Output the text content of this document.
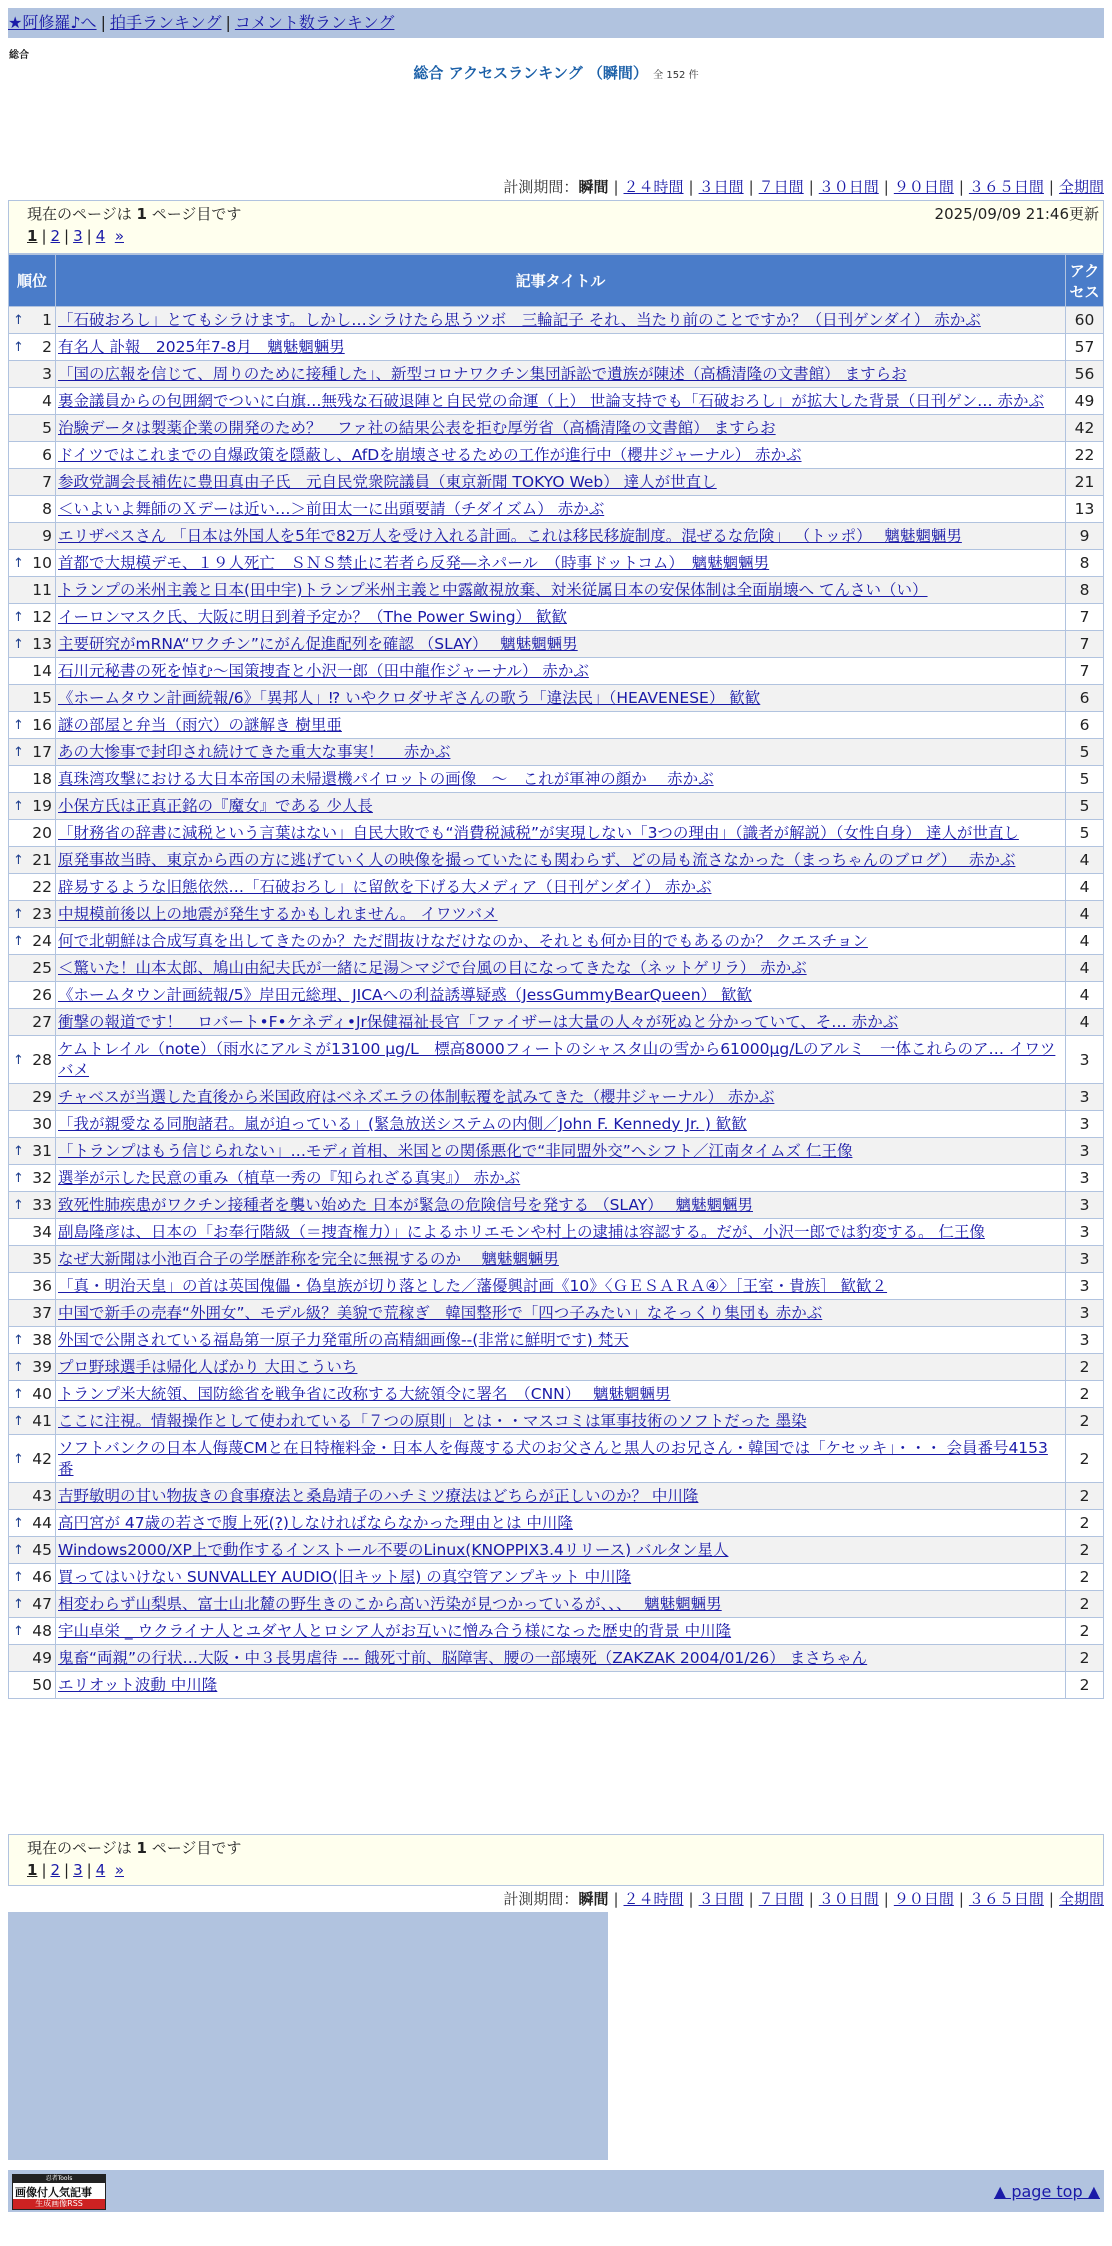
★阿修羅♪へ | 拍手ランキング | コメント数ランキング
総合
総合 アクセスランキング （瞬間） 全 152 件
計測期間：瞬間 | ２４時間 | ３日間 | ７日間 | ３０日間 | ９０日間 | ３６５日間 | 全期間
現在のページは 1 ページ目です	2025/09/09 21:46更新
1 | 2 | 3 | 4 »
順位	記事タイトル	アクセス

↑ 1	「石破おろし」とてもシラけます。しかし…シラけたら思うツボ　三輪記子 それ、当たり前のことですか？（日刊ゲンダイ） 赤かぶ	60

↑ 2	有名人 訃報　2025年7-8月　魑魅魍魎男	57
3	「国の広報を信じて、周りのために接種した」、新型コロナワクチン集団訴訟で遺族が陳述（高橋清隆の文書館） ますらお	56
4	裏金議員からの包囲網でついに白旗…無残な石破退陣と自民党の命運（上） 世論支持でも「石破おろし」が拡大した背景（日刊ゲン… 赤かぶ	49
5	治験データは製薬企業の開発のため？　ファ社の結果公表を拒む厚労省（高橋清隆の文書館） ますらお	42
6	ドイツではこれまでの自爆政策を隠蔽し、AfDを崩壊させるための工作が進行中（櫻井ジャーナル） 赤かぶ	22
7	参政党調会長補佐に豊田真由子氏　元自民党衆院議員（東京新聞 TOKYO Web） 達人が世直し	21
8	＜いよいよ舞師のＸデーは近い…＞前田太一に出頭要請（チダイズム） 赤かぶ	13
9	エリザベスさん 「日本は外国人を5年で82万人を受け入れる計画。これは移民移旋制度。混ぜるな危険」 （トッポ）　 魑魅魍魎男	9

↑ 10	首都で大規模デモ、１９人死亡　ＳＮＳ禁止に若者ら反発―ネパール　（時事ドットコム）　魑魅魍魎男	8
11	トランプの米州主義と日本(田中宇)トランプ米州主義と中露敵視放棄、対米従属日本の安保体制は全面崩壊へ てんさい（い）	8

↑ 12	イーロンマスク氏、大阪に明日到着予定か？（The Power Swing） 歓歓	7

↑ 13	主要研究がmRNA“ワクチン”にがん促進配列を確認 （SLAY）　 魑魅魍魎男	7
14	石川元秘書の死を悼む～国策捜査と小沢一郎（田中龍作ジャーナル） 赤かぶ	7
15	《ホームタウン計画続報/6》「異邦人」⁉ いやクロダサギさんの歌う「違法民」（HEAVENESE） 歓歓	6

↑ 16	謎の部屋と弁当（雨穴）の謎解き 樹里亜	6

↑ 17	あの大惨事で封印され続けてきた重大な事実！　 赤かぶ	5
18	真珠湾攻撃における大日本帝国の未帰還機パイロットの画像　～　これが軍神の顔か　 赤かぶ	5

↑ 19	小保方氏は正真正銘の『魔女』である 少人長	5
20	「財務省の辞書に減税という言葉はない」自民大敗でも“消費税減税”が実現しない「3つの理由」（識者が解説）（女性自身） 達人が世直し	5

↑ 21	原発事故当時、東京から西の方に逃げていく人の映像を撮っていたにも関わらず、どの局も流さなかった（まっちゃんのブログ）　 赤かぶ	4
22	辟易するような旧態依然…「石破おろし」に留飲を下げる大メディア（日刊ゲンダイ） 赤かぶ	4

↑ 23	中規模前後以上の地震が発生するかもしれません。 イワツバメ	4

↑ 24	何で北朝鮮は合成写真を出してきたのか？ただ間抜けなだけなのか、それとも何か目的でもあるのか？ クエスチョン	4
25	＜驚いた！山本太郎、鳩山由紀夫氏が一緒に足湯＞マジで台風の目になってきたな（ネットゲリラ） 赤かぶ	4
26	《ホームタウン計画続報/5》岸田元総理、JICAへの利益誘導疑惑（JessGummyBearQueen） 歓歓	4
27	衝撃の報道です！　ロバート•F•ケネディ•Jr保健福祉長官「ファイザーは大量の人々が死ぬと分かっていて、そ… 赤かぶ	4

↑ 28	ケムトレイル（note）（雨水にアルミが13100 μg/L　標高8000フィートのシャスタ山の雪から61000μg/Lのアルミ　一体これらのア… イワツバメ	3
29	チャベスが当選した直後から米国政府はベネズエラの体制転覆を試みてきた（櫻井ジャーナル） 赤かぶ	3
30	「我が親愛なる同胞諸君。嵐が迫っている」(緊急放送システムの内側／John F. Kennedy Jr. ) 歓歓	3

↑ 31	「トランプはもう信じられない」…モディ首相、米国との関係悪化で“非同盟外交”へシフト／江南タイムズ 仁王像	3

↑ 32	選挙が示した民意の重み（植草一秀の『知られざる真実』） 赤かぶ	3

↑ 33	致死性肺疾患がワクチン接種者を襲い始めた 日本が緊急の危険信号を発する （SLAY）　 魑魅魍魎男	3
34	副島隆彦は、日本の「お奉行階級（＝捜査権力）」によるホリエモンや村上の逮捕は容認する。だが、小沢一郎では豹変する。 仁王像	3
35	なぜ大新聞は小池百合子の学歴詐称を完全に無視するのか　 魑魅魍魎男	3
36	「真・明治天皇」の首は英国傀儡・偽皇族が切り落とした／藩優興討画《10》〈ＧＥＳＡＲＡ④〉［王室・貴族］ 歓歓２	3
37	中国で新手の売春“外囲女”、モデル級？美貌で荒稼ぎ　韓国整形で「四つ子みたい」なそっくり集団も 赤かぶ	3

↑ 38	外国で公開されている福島第一原子力発電所の高精細画像--(非常に鮮明です) 梵天	3

↑ 39	プロ野球選手は帰化人ばかり 大田こういち	2

↑ 40	トランプ米大統領、国防総省を戦争省に改称する大統領令に署名　（CNN）　 魑魅魍魎男	2

↑ 41	ここに注視。情報操作として使われている「７つの原則」とは・・マスコミは軍事技術のソフトだった 墨染	2

↑ 42	ソフトバンクの日本人侮蔑CMと在日特権料金・日本人を侮蔑する犬のお父さんと黒人のお兄さん・韓国では「ケセッキ」・・・ 会員番号4153番	2
43	吉野敏明の甘い物抜きの食事療法と桑島靖子のハチミツ療法はどちらが正しいのか？ 中川隆	2

↑ 44	高円宮が 47歳の若さで腹上死(?)しなければならなかった理由とは 中川隆	2

↑ 45	Windows2000/XP上で動作するインストール不要のLinux(KNOPPIX3.4リリース) バルタン星人	2

↑ 46	買ってはいけない SUNVALLEY AUDIO(旧キット屋) の真空管アンプキット 中川隆	2

↑ 47	相変わらず山梨県、富士山北麓の野生きのこから高い汚染が見つかっているが、、、　 魑魅魍魎男	2

↑ 48	宇山卓栄 _ ウクライナ人とユダヤ人とロシア人がお互いに憎み合う様になった歴史的背景 中川隆	2
49	鬼畜“両親”の行状…大阪・中３長男虐待 --- 餓死寸前、脳障害、腰の一部壊死（ZAKZAK 2004/01/26） まさちゃん	2
50	エリオット波動 中川隆	2
現在のページは 1 ページ目です
1 | 2 | 3 | 4 »
計測期間：瞬間 | ２４時間 | ３日間 | ７日間 | ３０日間 | ９０日間 | ３６５日間 | 全期間
忍者Tools
画像付人気記事
生成画像RSS
▲ page top ▲
